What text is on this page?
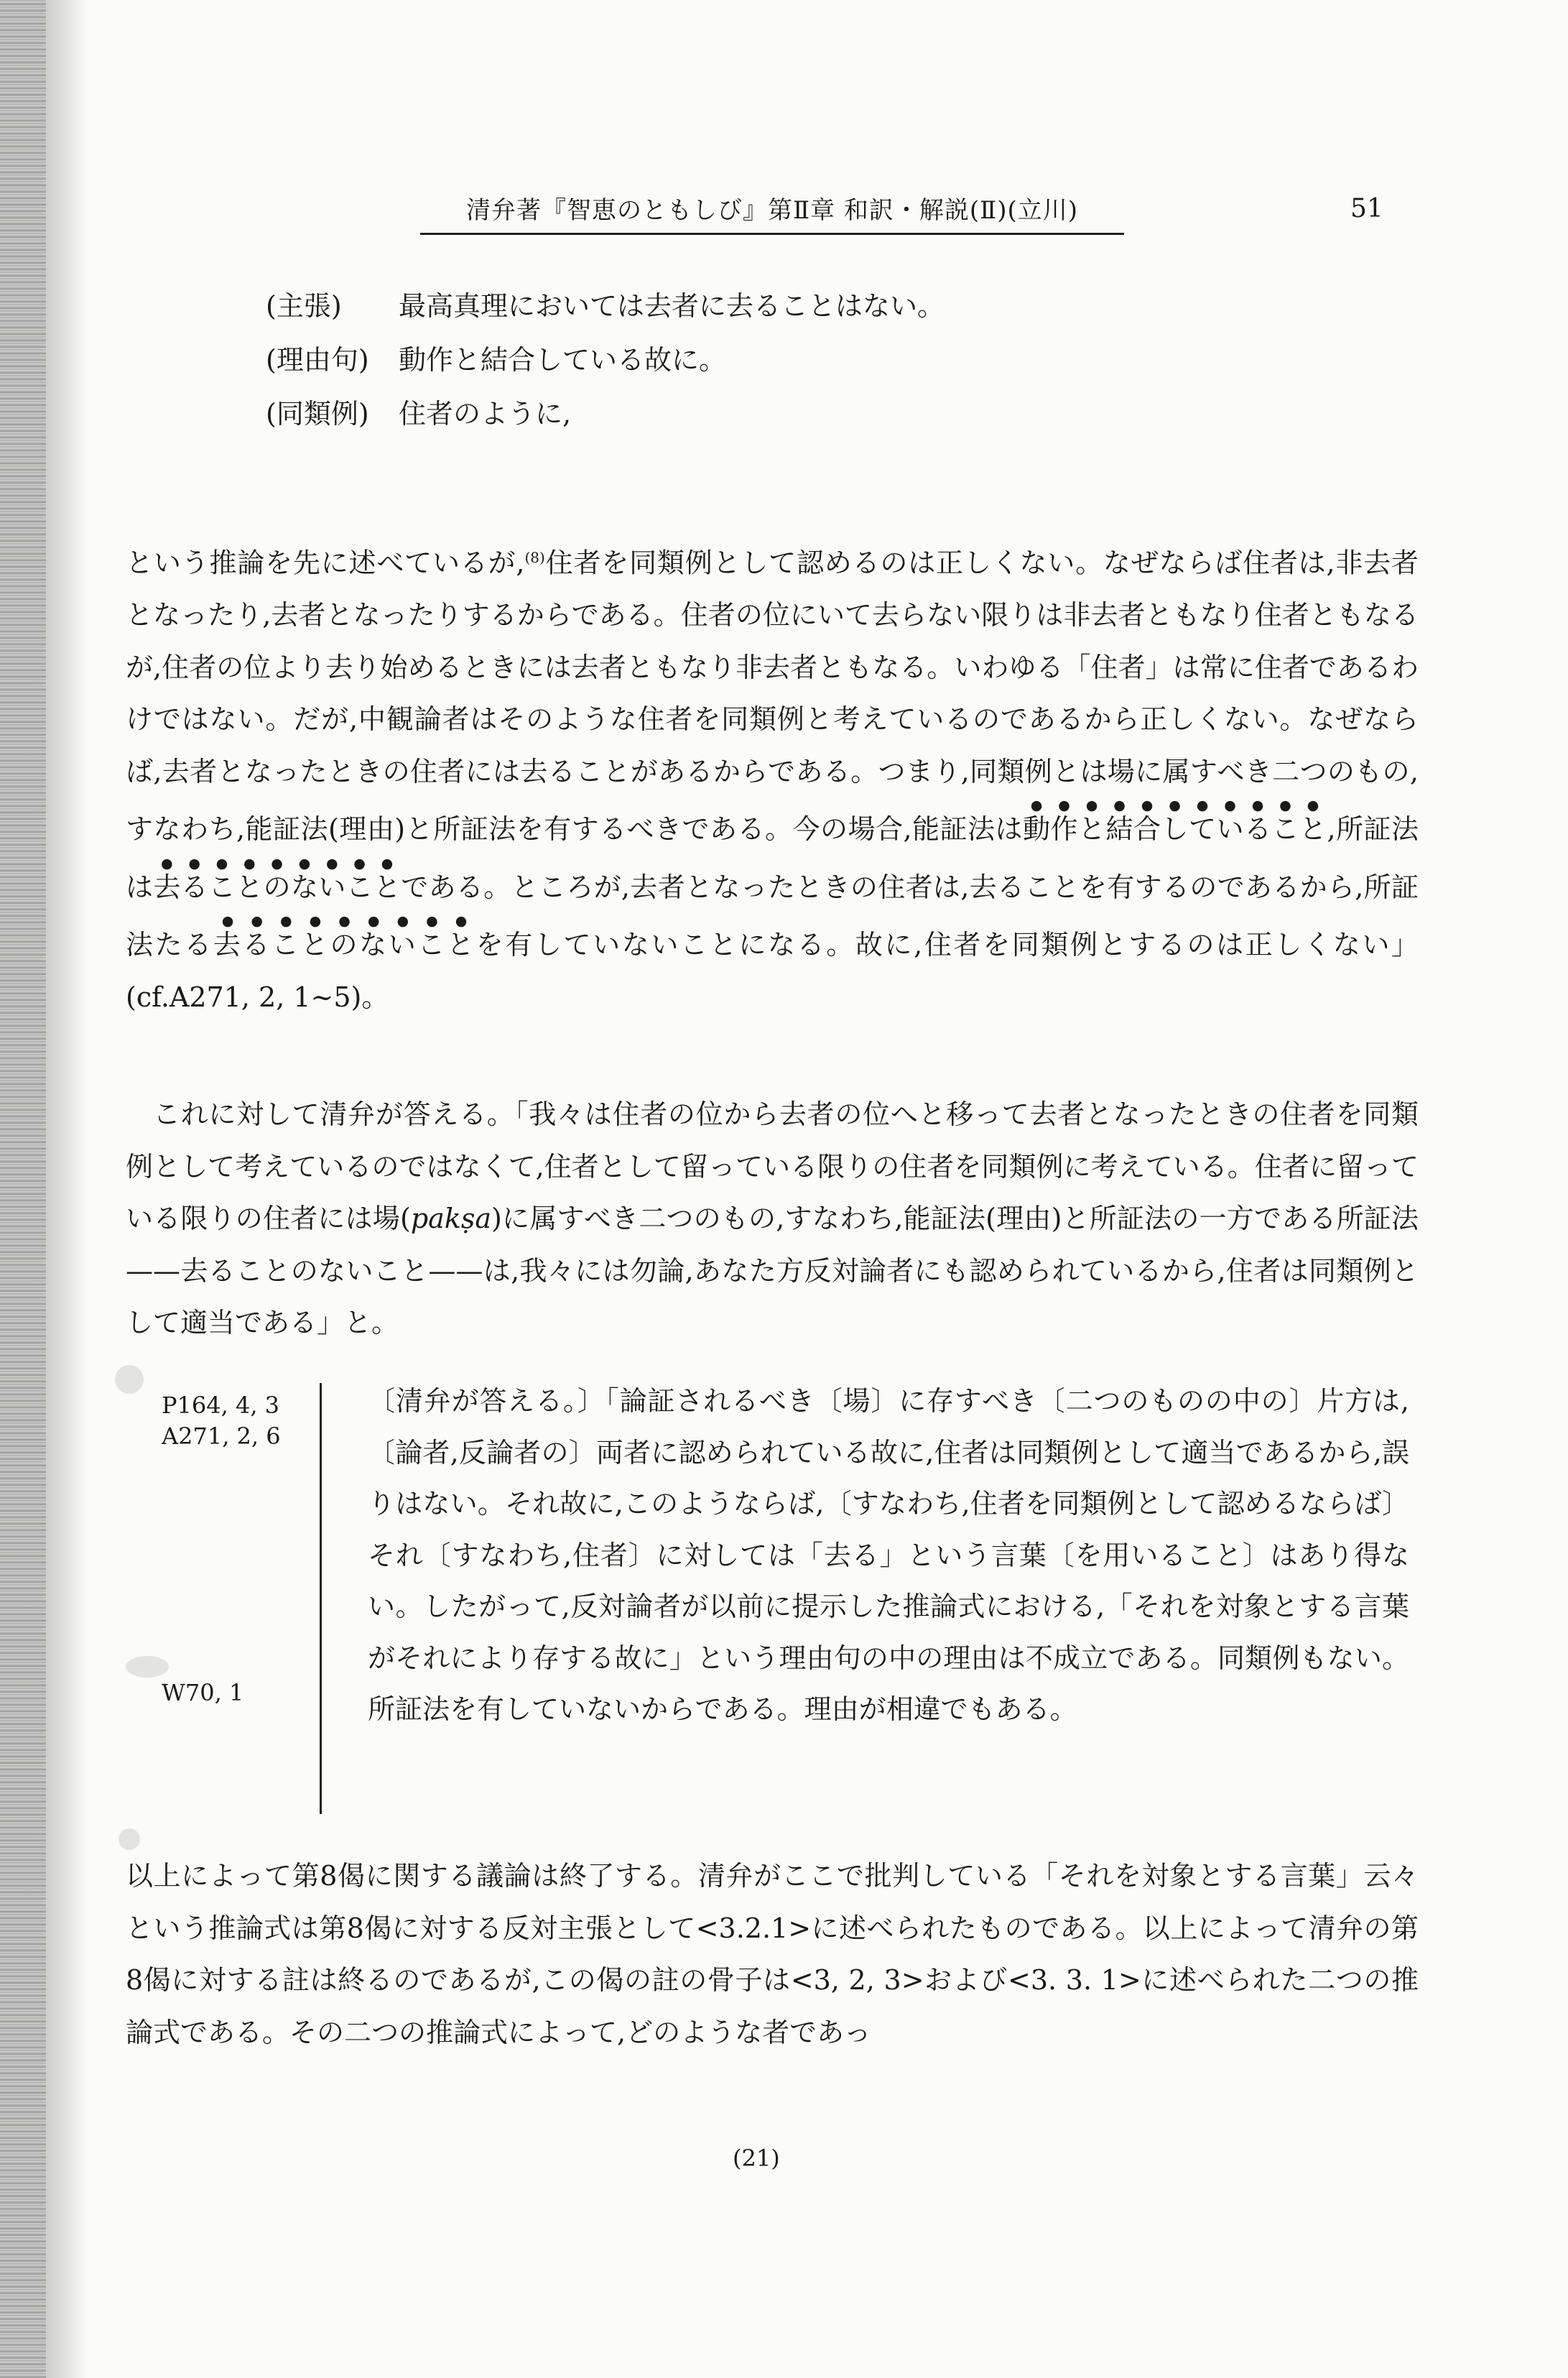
清弁著『智恵のともしび』第Ⅱ章 和訳・解説(Ⅱ)(立川)	51
(主張) 最高真理においては去者に去ることはない。
(理由句) 動作と結合している故に。
(同類例) 住者のように,

という推論を先に述べているが,$^{(8)}$住者を同類例として認めるのは正しくない。なぜならば住者は,非去者となったり,去者となったりするからである。住者の位にいて去らない限りは非去者ともなり住者ともなるが,住者の位より去り始めるときには去者ともなり非去者ともなる。いわゆる「住者」は常に住者であるわけではない。だが,中観論者はそのような住者を同類例と考えているのであるから正しくない。なぜならば,去者となったときの住者には去ることがあるからである。つまり,同類例とは場に属すべき二つのもの,すなわち,能証法(理由)と所証法を有するべきである。今の場合,能証法は動作と結合していること,所証法は去ることのないことである。ところが,去者となったときの住者は,去ることを有するのであるから,所証法たる去ることのないことを有していないことになる。故に,住者を同類例とするのは正しくない」(cf.A271, 2, 1~5)。

これに対して清弁が答える。「我々は住者の位から去者の位へと移って去者となったときの住者を同類例として考えているのではなくて,住者として留っている限りの住者を同類例に考えている。住者に留っている限りの住者には場(pakṣa)に属すべき二つのもの,すなわち,能証法(理由)と所証法の一方である所証法——去ることのないこと——は,我々には勿論,あなた方反対論者にも認められているから,住者は同類例として適当である」と。

P164, 4, 3
A271, 2, 6
W70, 1

〔清弁が答える。〕「論証されるべき〔場〕に存すべき〔二つのものの中の〕片方は,〔論者,反論者の〕両者に認められている故に,住者は同類例として適当であるから,誤りはない。それ故に,このようならば,〔すなわち,住者を同類例として認めるならば〕それ〔すなわち,住者〕に対しては「去る」という言葉〔を用いること〕はあり得ない。したがって,反対論者が以前に提示した推論式における,「それを対象とする言葉がそれにより存する故に」という理由句の中の理由は不成立である。同類例もない。所証法を有していないからである。理由が相違でもある。

以上によって第8偈に関する議論は終了する。清弁がここで批判している「それを対象とする言葉」云々という推論式は第8偈に対する反対主張として<3.2.1>に述べられたものである。以上によって清弁の第8偈に対する註は終るのであるが,この偈の註の骨子は<3, 2, 3>および<3. 3. 1>に述べられた二つの推論式である。その二つの推論式によって,どのような者であっ

(21)
